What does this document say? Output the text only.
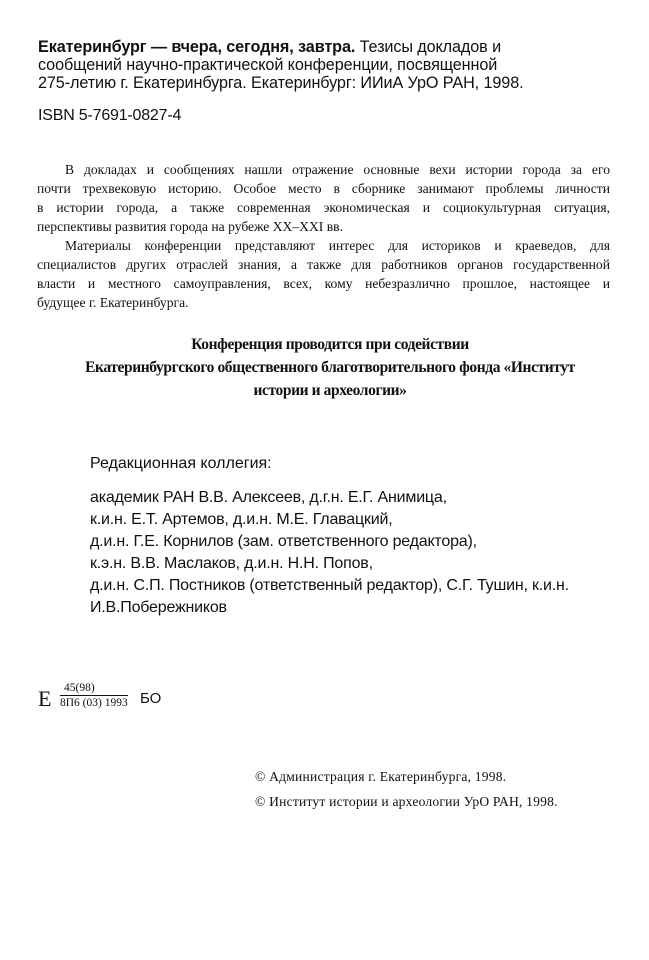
Екатеринбург — вчера, сегодня, завтра. Тезисы докладов и
сообщений научно-практической конференции, посвященной
275-летию г. Екатеринбурга. Екатеринбург: ИИиА УрО РАН, 1998.
ISBN 5-7691-0827-4
В докладах и сообщениях нашли отражение основные вехи истории города за его
почти трехвековую историю. Особое место в сборнике занимают проблемы личности
в истории города, а также современная экономическая и социокультурная ситуация,
перспективы развития города на рубеже XX–XXI вв.
Материалы конференции представляют интерес для историков и краеведов, для
специалистов других отраслей знания, а также для работников органов государственной
власти и местного самоуправления, всех, кому небезразлично прошлое, настоящее и
будущее г. Екатеринбурга.
Конференция проводится при содействии
Екатеринбургского общественного благотворительного фонда «Институт
истории и археологии»
Редакционная коллегия:
академик РАН В.В. Алексеев, д.г.н. Е.Г. Анимица,
к.и.н. Е.Т. Артемов, д.и.н. М.Е. Главацкий,
д.и.н. Г.Е. Корнилов (зам. ответственного редактора),
к.э.н. В.В. Маслаков, д.и.н. Н.Н. Попов,
д.и.н. С.П. Постников (ответственный редактор), С.Г. Тушин, к.и.н.
И.В.Побережников
Е	45(98)
8П6 (03) 1993 БО
© Администрация г. Екатеринбурга, 1998.
© Институт истории и археологии УрО РАН, 1998.
